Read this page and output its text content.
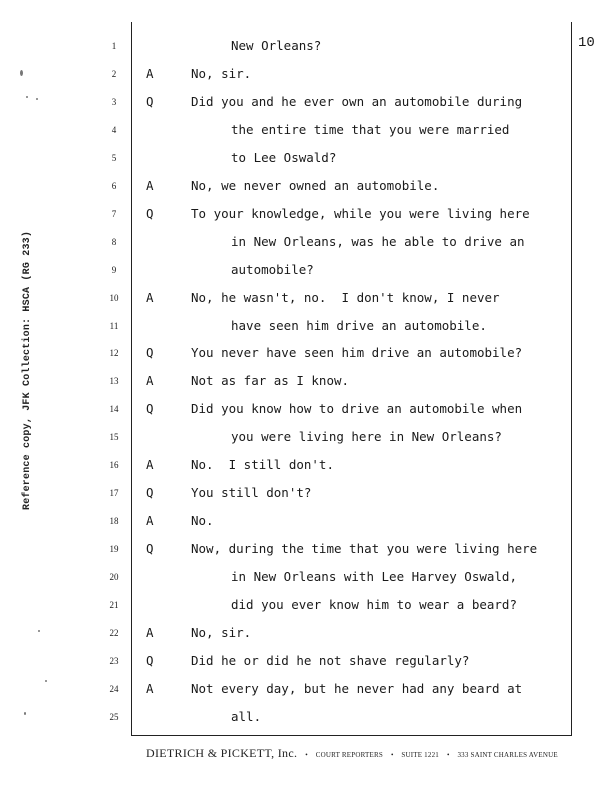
10
Reference copy, JFK Collection: HSCA (RG 233)
1	New Orleans?
2	A	No, sir.
3	Q	Did you and he ever own an automobile during
4	the entire time that you were married
5	to Lee Oswald?
6	A	No, we never owned an automobile.
7	Q	To your knowledge, while you were living here
8	in New Orleans, was he able to drive an
9	automobile?
10	A	No, he wasn't, no.  I don't know, I never
11	have seen him drive an automobile.
12	Q	You never have seen him drive an automobile?
13	A	Not as far as I know.
14	Q	Did you know how to drive an automobile when
15	you were living here in New Orleans?
16	A	No.  I still don't.
17	Q	You still don't?
18	A	No.
19	Q	Now, during the time that you were living here
20	in New Orleans with Lee Harvey Oswald,
21	did you ever know him to wear a beard?
22	A	No, sir.
23	Q	Did he or did he not shave regularly?
24	A	Not every day, but he never had any beard at
25	all.
DIETRICH & PICKETT, Inc. • COURT REPORTERS • SUITE 1221 • 333 SAINT CHARLES AVENUE
